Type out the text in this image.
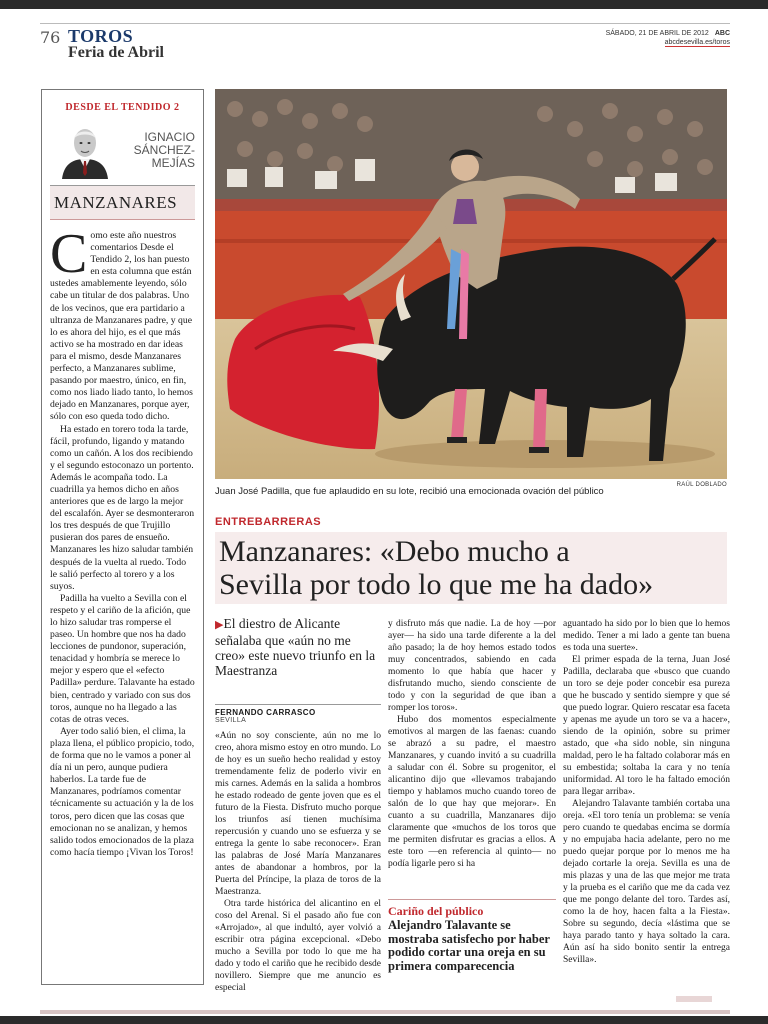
76 TOROS
Feria de Abril
SÁBADO, 21 DE ABRIL DE 2012 ABC
abcdesevilla.es/toros
DESDE EL TENDIDO 2
IGNACIO
SÁNCHEZ-
MEJÍAS
MANZANARES

Como este año nuestros comentarios Desde el Tendido 2, los han puesto en esta columna que están ustedes amablemente leyendo, sólo cabe un titular de dos palabras. Uno de los vecinos, que era partidario a ultranza de Manzanares padre, y que lo es ahora del hijo, es el que más activo se ha mostrado en dar ideas para el mismo, desde Manzanares perfecto, a Manzanares sublime, pasando por maestro, único, en fin, como nos liado liado tanto, lo hemos dejado en Manzanares, porque ayer, sólo con eso queda todo dicho.

Ha estado en torero toda la tarde, fácil, profundo, ligando y matando como un cañón. A los dos recibiendo y el segundo estoconazo un portento. Además le acompaña todo. La cuadrilla ya hemos dicho en años anteriores que es de largo la mejor del escalafón. Ayer se desmonteraron los tres después de que Trujillo pusieran dos pares de ensueño. Manzanares les hizo saludar también después de la vuelta al ruedo. Todo le salió perfecto al torero y a los suyos.

Padilla ha vuelto a Sevilla con el respeto y el cariño de la afición, que lo hizo saludar tras romperse el paseo. Un hombre que nos ha dado lecciones de pundonor, superación, tenacidad y hombría se merece lo mejor y espero que el «efecto Padilla» perdure. Talavante ha estado bien, centrado y variado con sus dos toros, aunque no ha llegado a las cotas de otras veces.

Ayer todo salió bien, el clima, la plaza llena, el público propicio, todo, de forma que no le vamos a poner al día ni un pero, aunque pudiera haberlos. La tarde fue de Manzanares, podríamos comentar técnicamente su actuación y la de los toros, pero dicen que las cosas que emocionan no se analizan, y hemos salido todos emocionados de la plaza como hacía tiempo ¡Vivan los Toros!

Juan José Padilla, que fue aplaudido en su lote, recibió una emocionada ovación del público
RAÚL DOBLADO
ENTREBARRERAS
Manzanares: «Debo mucho a
Sevilla por todo lo que me ha dado»
▶El diestro de Alicante señalaba que «aún no me creo» este nuevo triunfo en la Maestranza
FERNANDO CARRASCO
SEVILLA

«Aún no soy consciente, aún no me lo creo, ahora mismo estoy en otro mundo. Lo de hoy es un sueño hecho realidad y estoy tremendamente feliz de poderlo vivir en mis carnes. Además en la salida a hombros he estado rodeado de gente joven que es el futuro de la Fiesta. Disfruto mucho porque los triunfos así tienen muchísima repercusión y cuando uno se esfuerza y se entrega la gente lo sabe reconocer». Eran las palabras de José María Manzanares antes de abandonar a hombros, por la Puerta del Príncipe, la plaza de toros de la Maestranza.

Otra tarde histórica del alicantino en el coso del Arenal. Si el pasado año fue con «Arrojado», al que indultó, ayer volvió a escribir otra página excepcional. «Debo mucho a Sevilla por todo lo que me ha dado y todo el cariño que he recibido desde novillero. Siempre que me anuncio es especial

y disfruto más que nadie. La de hoy —por ayer— ha sido una tarde diferente a la del año pasado; la de hoy hemos estado todos muy concentrados, sabiendo en cada momento lo que había que hacer y disfrutando mucho, siendo consciente de todo y con la seguridad de que iban a romper los toros».

Hubo dos momentos especialmente emotivos al margen de las faenas: cuando se abrazó a su padre, el maestro Manzanares, y cuando invitó a su cuadrilla a saludar con él. Sobre su progenitor, el alicantino dijo que «llevamos trabajando tiempo y hablamos mucho cuando toreo de salón de lo que hay que mejorar». En cuanto a su cuadrilla, Manzanares dijo claramente que «muchos de los toros que me permiten disfrutar es gracias a ellos. A este toro —en referencia al quinto— no podía ligarle pero si ha

Cariño del público
Alejandro Talavante se mostraba satisfecho por haber podido cortar una oreja en su primera comparecencia

aguantado ha sido por lo bien que lo hemos medido. Tener a mi lado a gente tan buena es toda una suerte».

El primer espada de la terna, Juan José Padilla, declaraba que «busco que cuando un toro se deje poder concebir esa pureza que he buscado y sentido siempre y que sé que puedo lograr. Quiero rescatar esa faceta y apenas me ayude un toro se va a hacer», siendo de la opinión, sobre su primer astado, que «ha sido noble, sin ninguna maldad, pero le ha faltado colaborar más en su embestida; soltaba la cara y no tenía uniformidad. Al toro le ha faltado emoción para llegar arriba».

Alejandro Talavante también cortaba una oreja. «El toro tenía un problema: se venía pero cuando te quedabas encima se dormía y no empujaba hacia adelante, pero no me puedo quejar porque por lo menos me ha dejado cortarle la oreja. Sevilla es una de mis plazas y una de las que mejor me trata y la prueba es el cariño que me da cada vez que me pongo delante del toro. Tardes así, como la de hoy, hacen falta a la Fiesta». Sobre su segundo, decía «lástima que se haya parado tanto y haya soltado la cara. Aún así ha sido bonito sentir la entrega Sevilla».
